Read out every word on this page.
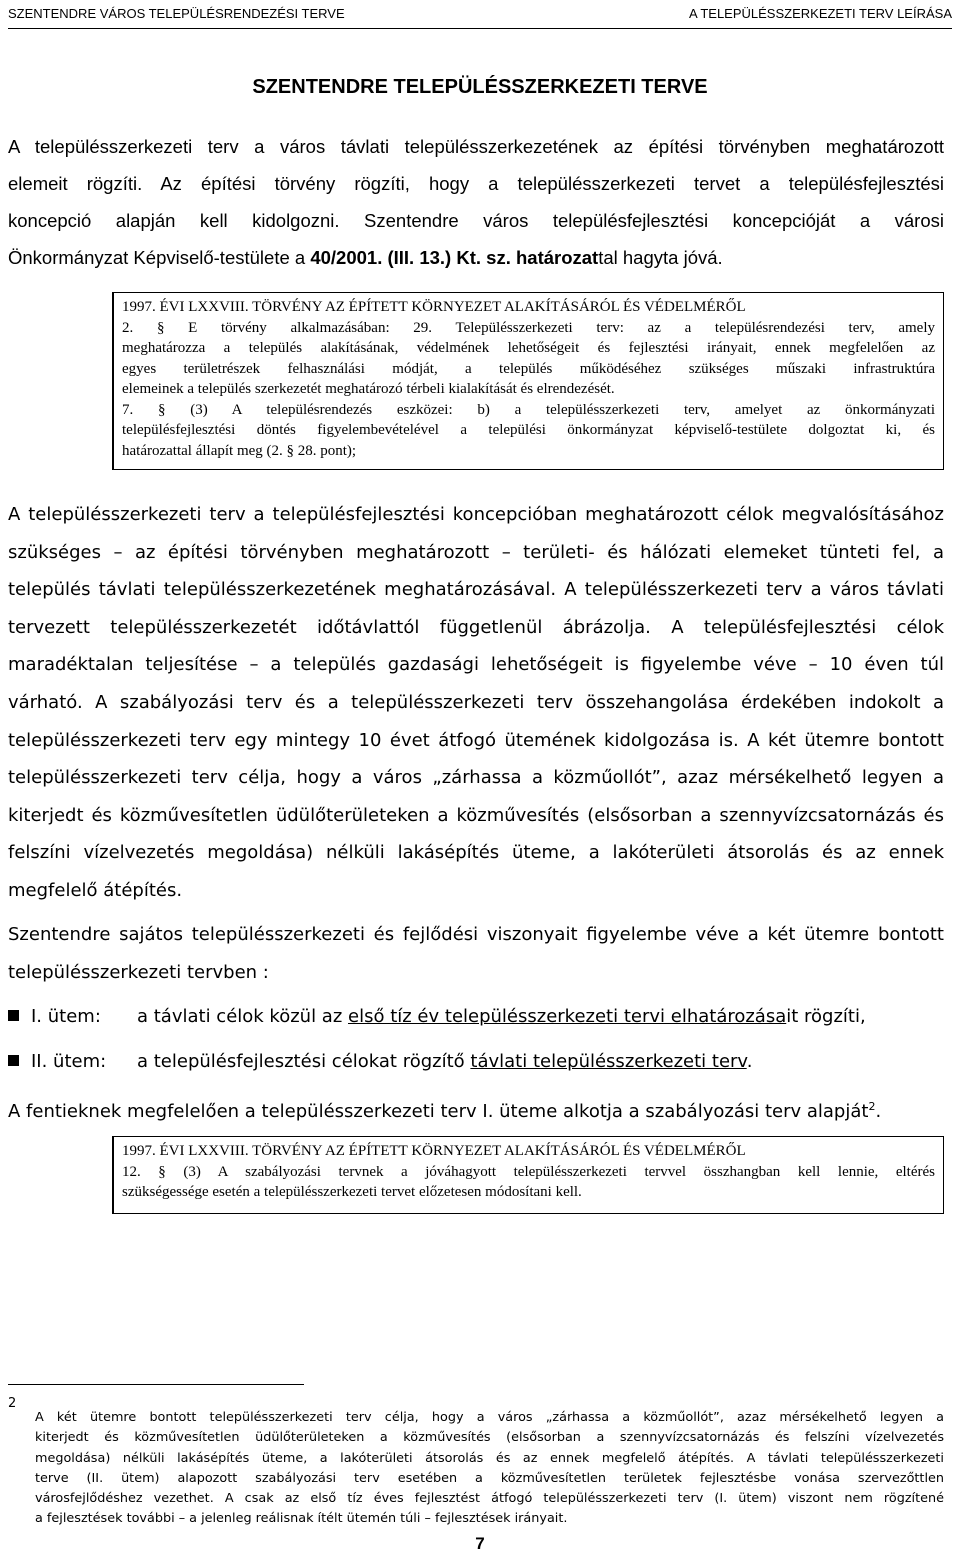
SZENTENDRE VÁROS TELEPÜLÉSRENDEZÉSI TERVE	A TELEPÜLÉSSZERKEZETI TERV LEÍRÁSA
SZENTENDRE TELEPÜLÉSSZERKEZETI TERVE
A településszerkezeti terv a város távlati településszerkezetének az építési törvényben meghatározott
elemeit rögzíti. Az építési törvény rögzíti, hogy a településszerkezeti tervet a településfejlesztési
koncepció alapján kell kidolgozni. Szentendre város településfejlesztési koncepcióját a városi
Önkormányzat Képviselő-testülete a 40/2001. (III. 13.) Kt. sz. határozattal hagyta jóvá.
1997. ÉVI LXXVIII. TÖRVÉNY AZ ÉPÍTETT KÖRNYEZET ALAKÍTÁSÁRÓL ÉS VÉDELMÉRŐL
2. § E törvény alkalmazásában: 29. Településszerkezeti terv: az a településrendezési terv, amely
meghatározza a település alakításának, védelmének lehetőségeit és fejlesztési irányait, ennek megfelelően az
egyes területrészek felhasználási módját, a település működéséhez szükséges műszaki infrastruktúra
elemeinek a település szerkezetét meghatározó térbeli kialakítását és elrendezését.
7. § (3) A településrendezés eszközei: b) a településszerkezeti terv, amelyet az önkormányzati
településfejlesztési döntés figyelembevételével a települési önkormányzat képviselő-testülete dolgoztat ki, és
határozattal állapít meg (2. § 28. pont);
A településszerkezeti terv a településfejlesztési koncepcióban meghatározott célok megvalósításához
szükséges – az építési törvényben meghatározott – területi- és hálózati elemeket tünteti fel, a
település távlati településszerkezetének meghatározásával. A településszerkezeti terv a város távlati
tervezett településszerkezetét időtávlattól függetlenül ábrázolja. A településfejlesztési célok
maradéktalan teljesítése – a település gazdasági lehetőségeit is figyelembe véve – 10 éven túl
várható. A szabályozási terv és a településszerkezeti terv összehangolása érdekében indokolt a
településszerkezeti terv egy mintegy 10 évet átfogó ütemének kidolgozása is. A két ütemre bontott
településszerkezeti terv célja, hogy a város „zárhassa a közműollót”, azaz mérsékelhető legyen a
kiterjedt és közművesítetlen üdülőterületeken a közművesítés (elsősorban a szennyvízcsatornázás és
felszíni vízelvezetés megoldása) nélküli lakásépítés üteme, a lakóterületi átsorolás és az ennek
megfelelő átépítés.
Szentendre sajátos településszerkezeti és fejlődési viszonyait figyelembe véve a két ütemre bontott
településszerkezeti tervben :
I. ütem: a távlati célok közül az első tíz év településszerkezeti tervi elhatározásait rögzíti,
II. ütem: a településfejlesztési célokat rögzítő távlati településszerkezeti terv.
A fentieknek megfelelően a településszerkezeti terv I. üteme alkotja a szabályozási terv alapját$^2$.
1997. ÉVI LXXVIII. TÖRVÉNY AZ ÉPÍTETT KÖRNYEZET ALAKÍTÁSÁRÓL ÉS VÉDELMÉRŐL
12. § (3) A szabályozási tervnek a jóváhagyott településszerkezeti tervvel összhangban kell lennie, eltérés
szükségessége esetén a településszerkezeti tervet előzetesen módosítani kell.
2
A két ütemre bontott településszerkezeti terv célja, hogy a város „zárhassa a közműollót”, azaz mérsékelhető legyen a
kiterjedt és közművesítetlen üdülőterületeken a közművesítés (elsősorban a szennyvízcsatornázás és felszíni vízelvezetés
megoldása) nélküli lakásépítés üteme, a lakóterületi átsorolás és az ennek megfelelő átépítés. A távlati településszerkezeti
terve (II. ütem) alapozott szabályozási terv esetében a közművesítetlen területek fejlesztésbe vonása szervezőttlen
városfejlődéshez vezethet. A csak az első tíz éves fejlesztést átfogó településszerkezeti terv (I. ütem) viszont nem rögzítené
a fejlesztések további – a jelenleg reálisnak ítélt ütemén túli – fejlesztések irányait.
7
